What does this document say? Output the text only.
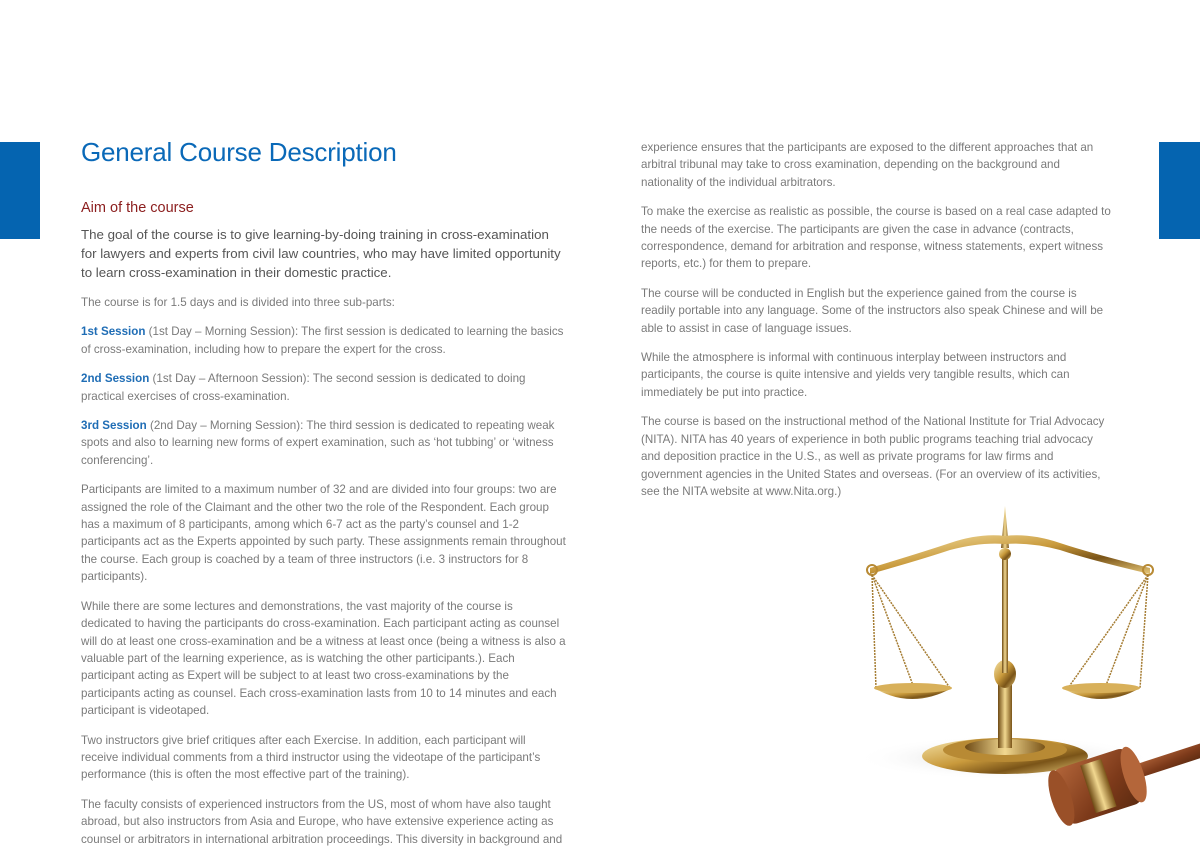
General Course Description
Aim of the course
The goal of the course is to give learning-by-doing training in cross-examination for lawyers and experts from civil law countries, who may have limited opportunity to learn cross-examination in their domestic practice.

The course is for 1.5 days and is divided into three sub-parts:

1st Session (1st Day – Morning Session): The first session is dedicated to learning the basics of cross-examination, including how to prepare the expert for the cross.

2nd Session (1st Day – Afternoon Session): The second session is dedicated to doing practical exercises of cross-examination.

3rd Session (2nd Day – Morning Session): The third session is dedicated to repeating weak spots and also to learning new forms of expert examination, such as ‘hot tubbing’ or ‘witness conferencing’.

Participants are limited to a maximum number of 32 and are divided into four groups: two are assigned the role of the Claimant and the other two the role of the Respondent. Each group has a maximum of 8 participants, among which 6-7 act as the party’s counsel and 1-2 participants act as the Experts appointed by such party. These assignments remain throughout the course. Each group is coached by a team of three instructors (i.e. 3 instructors for 8 participants).

While there are some lectures and demonstrations, the vast majority of the course is dedicated to having the participants do cross-examination. Each participant acting as counsel will do at least one cross-examination and be a witness at least once (being a witness is also a valuable part of the learning experience, as is watching the other participants.). Each participant acting as Expert will be subject to at least two cross-examinations by the participants acting as counsel. Each cross-examination lasts from 10 to 14 minutes and each participant is videotaped.

Two instructors give brief critiques after each Exercise. In addition, each participant will receive individual comments from a third instructor using the videotape of the participant’s performance (this is often the most effective part of the training).

The faculty consists of experienced instructors from the US, most of whom have also taught abroad, but also instructors from Asia and Europe, who have extensive experience acting as counsel or arbitrators in international arbitration proceedings. This diversity in background and

experience ensures that the participants are exposed to the different approaches that an arbitral tribunal may take to cross examination, depending on the background and nationality of the individual arbitrators.

To make the exercise as realistic as possible, the course is based on a real case adapted to the needs of the exercise. The participants are given the case in advance (contracts, correspondence, demand for arbitration and response, witness statements, expert witness reports, etc.) for them to prepare.

The course will be conducted in English but the experience gained from the course is readily portable into any language. Some of the instructors also speak Chinese and will be able to assist in case of language issues.

While the atmosphere is informal with continuous interplay between instructors and participants, the course is quite intensive and yields very tangible results, which can immediately be put into practice.

The course is based on the instructional method of the National Institute for Trial Advocacy (NITA). NITA has 40 years of experience in both public programs teaching trial advocacy and deposition practice in the U.S., as well as private programs for law firms and government agencies in the United States and overseas. (For an overview of its activities, see the NITA website at www.Nita.org.)
